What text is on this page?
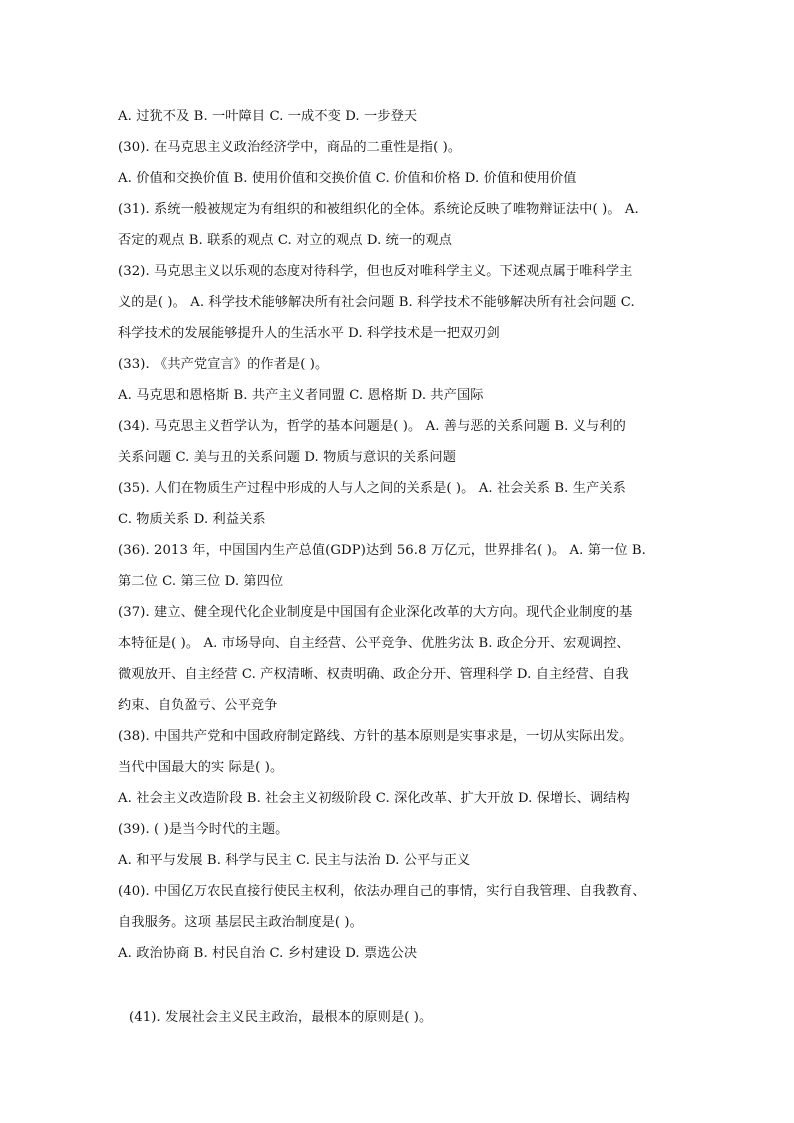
A. 过犹不及 B. 一叶障目 C. 一成不变 D. 一步登天
(30). 在马克思主义政治经济学中，商品的二重性是指( )。
A. 价值和交换价值 B. 使用价值和交换价值 C. 价值和价格 D. 价值和使用价值
(31). 系统一般被规定为有组织的和被组织化的全体。系统论反映了唯物辩证法中( )。 A.
否定的观点 B. 联系的观点 C. 对立的观点 D. 统一的观点
(32). 马克思主义以乐观的态度对待科学，但也反对唯科学主义。下述观点属于唯科学主
义的是( )。 A. 科学技术能够解决所有社会问题 B. 科学技术不能够解决所有社会问题 C.
科学技术的发展能够提升人的生活水平 D. 科学技术是一把双刃剑
(33). 《共产党宣言》的作者是( )。
A. 马克思和恩格斯 B. 共产主义者同盟 C. 恩格斯 D. 共产国际
(34). 马克思主义哲学认为，哲学的基本问题是( )。 A. 善与恶的关系问题 B. 义与利的
关系问题 C. 美与丑的关系问题 D. 物质与意识的关系问题
(35). 人们在物质生产过程中形成的人与人之间的关系是( )。 A. 社会关系 B. 生产关系
C. 物质关系 D. 利益关系
(36). 2013 年，中国国内生产总值(GDP)达到 56.8 万亿元，世界排名( )。 A. 第一位 B.
第二位 C. 第三位 D. 第四位
(37). 建立、健全现代化企业制度是中国国有企业深化改革的大方向。现代企业制度的基
本特征是( )。 A. 市场导向、自主经营、公平竞争、优胜劣汰 B. 政企分开、宏观调控、
微观放开、自主经营 C. 产权清晰、权责明确、政企分开、管理科学 D. 自主经营、自我
约束、自负盈亏、公平竞争
(38). 中国共产党和中国政府制定路线、方针的基本原则是实事求是，一切从实际出发。
当代中国最大的实 际是( )。
A. 社会主义改造阶段 B. 社会主义初级阶段 C. 深化改革、扩大开放 D. 保增长、调结构
(39). ( )是当今时代的主题。
A. 和平与发展 B. 科学与民主 C. 民主与法治 D. 公平与正义
(40). 中国亿万农民直接行使民主权利，依法办理自己的事情，实行自我管理、自我教育、
自我服务。这项 基层民主政治制度是( )。
A. 政治协商 B. 村民自治 C. 乡村建设 D. 票选公决
(41). 发展社会主义民主政治，最根本的原则是( )。
